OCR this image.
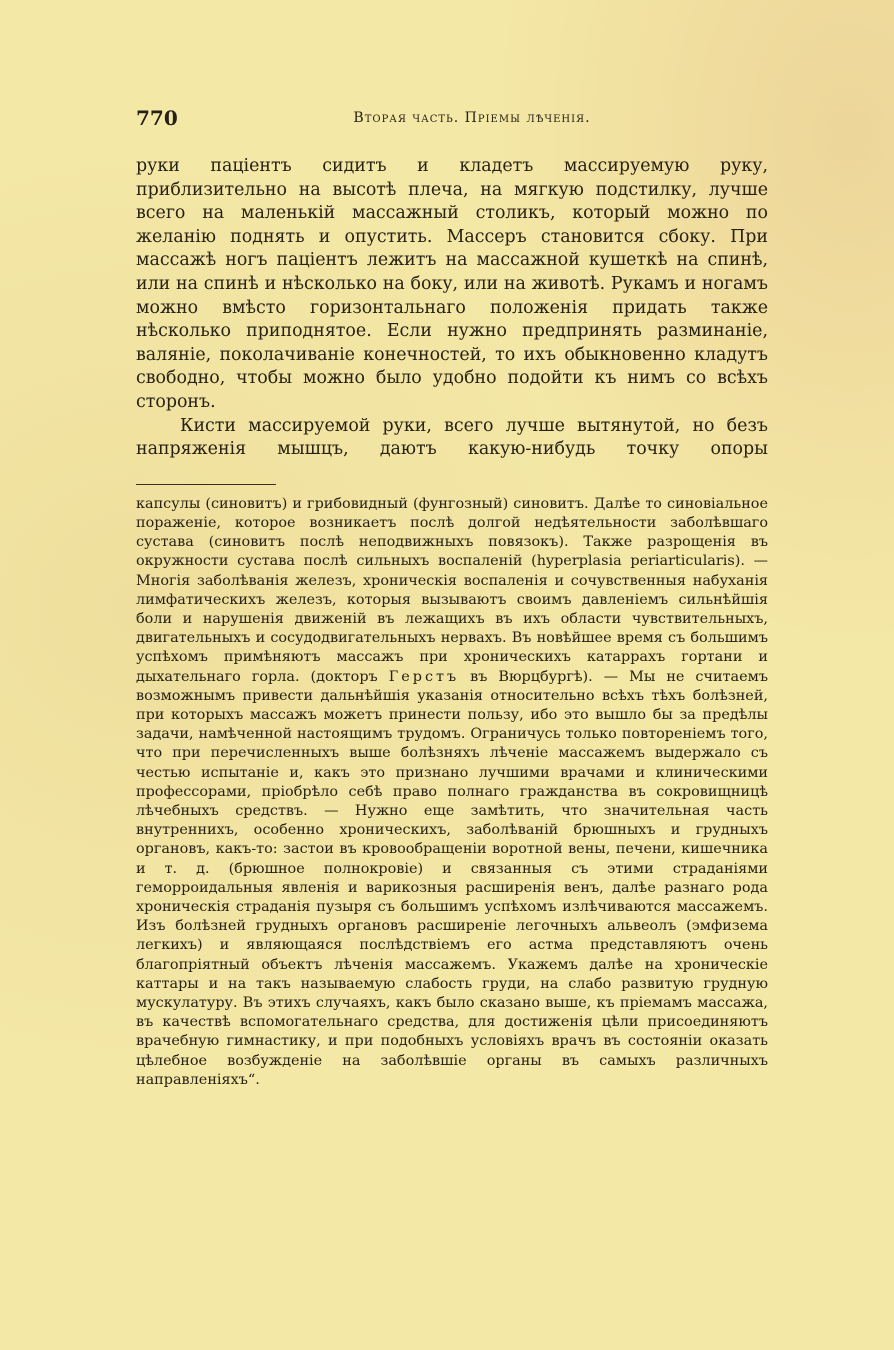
770	Вторая часть. Пріемы лѣченія.

руки паціентъ сидитъ и кладетъ массируемую руку, приблизительно на высотѣ плеча, на мягкую подстилку, лучше всего на маленькій массажный столикъ, который можно по желанію поднять и опустить. Массеръ становится сбоку. При массажѣ ногъ паціентъ лежитъ на массажной кушеткѣ на спинѣ, или на спинѣ и нѣсколько на боку, или на животѣ. Рукамъ и ногамъ можно вмѣсто горизонтальнаго положенія придать также нѣсколько приподнятое. Если нужно предпринять разминаніе, валяніе, поколачиваніе конечностей, то ихъ обыкновенно кладутъ свободно, чтобы можно было удобно подойти къ нимъ со всѣхъ сторонъ.

Кисти массируемой руки, всего лучше вытянутой, но безъ напряженія мышцъ, даютъ какую-нибудь точку опоры

капсулы (синовитъ) и грибовидный (фунгозный) синовитъ. Далѣе то синовіальное пораженіе, которое возникаетъ послѣ долгой недѣятельности заболѣвшаго сустава (синовитъ послѣ неподвижныхъ повязокъ). Также разрощенія въ окружности сустава послѣ сильныхъ воспаленій (hyperplasia periarticularis). — Многія заболѣванія железъ, хроническія воспаленія и сочувственныя набуханія лимфатическихъ железъ, которыя вызываютъ своимъ давленіемъ сильнѣйшія боли и нарушенія движеній въ лежащихъ въ ихъ области чувствительныхъ, двигательныхъ и сосудодвигательныхъ нервахъ. Въ новѣйшее время съ большимъ успѣхомъ примѣняютъ массажъ при хроническихъ катаррахъ гортани и дыхательнаго горла. (докторъ Герстъ въ Вюрцбургѣ). — Мы не считаемъ возможнымъ привести дальнѣйшія указанія относительно всѣхъ тѣхъ болѣзней, при которыхъ массажъ можетъ принести пользу, ибо это вышло бы за предѣлы задачи, намѣченной настоящимъ трудомъ. Ограничусь только повтореніемъ того, что при перечисленныхъ выше болѣзняхъ лѣченіе массажемъ выдержало съ честью испытаніе и, какъ это признано лучшими врачами и клиническими профессорами, пріобрѣло себѣ право полнаго гражданства въ сокровищницѣ лѣчебныхъ средствъ. — Нужно еще замѣтить, что значительная часть внутреннихъ, особенно хроническихъ, заболѣваній брюшныхъ и грудныхъ органовъ, какъ-то: застои въ кровообращеніи воротной вены, печени, кишечника и т. д. (брюшное полнокровіе) и связанныя съ этими страданіями геморроидальныя явленія и варикозныя расширенія венъ, далѣе разнаго рода хроническія страданія пузыря съ большимъ успѣхомъ излѣчиваются массажемъ. Изъ болѣзней грудныхъ органовъ расширеніе легочныхъ альвеолъ (эмфизема легкихъ) и являющаяся послѣдствіемъ его астма представляютъ очень благопріятный объектъ лѣченія массажемъ. Укажемъ далѣе на хроническіе каттары и на такъ называемую слабость груди, на слабо развитую грудную мускулатуру. Въ этихъ случаяхъ, какъ было сказано выше, къ пріемамъ массажа, въ качествѣ вспомогательнаго средства, для достиженія цѣли присоединяютъ врачебную гимнастику, и при подобныхъ условіяхъ врачъ въ состояніи оказать цѣлебное возбужденіе на заболѣвшіе органы въ самыхъ различныхъ направленіяхъ“.
